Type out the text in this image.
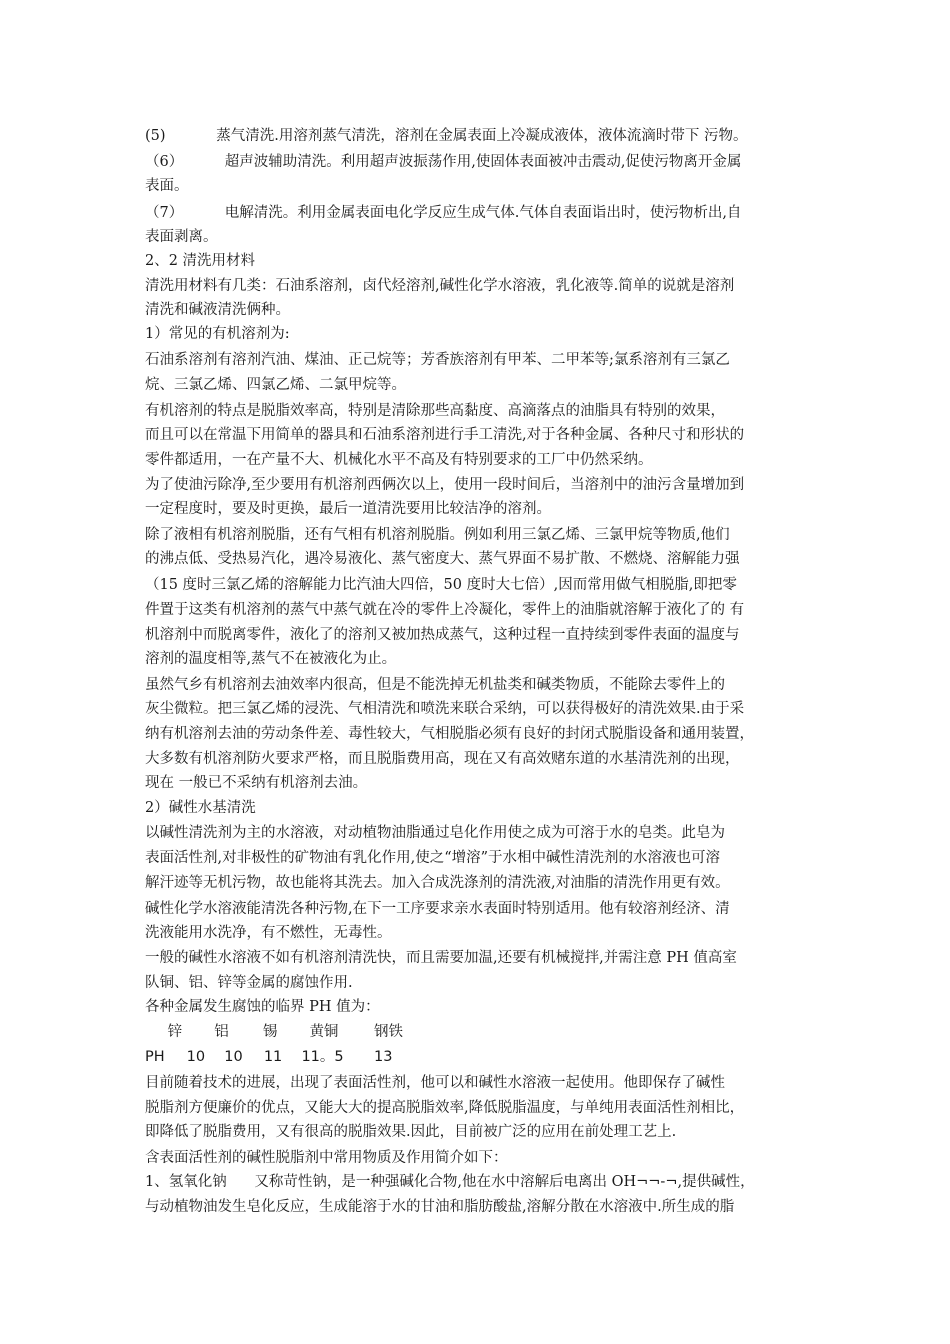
(5)           蒸气清洗.用溶剂蒸气清洗，溶剂在金属表面上冷凝成液体，液体流滴时带下 污物。
（6）         超声波辅助清洗。利用超声波振荡作用,使固体表面被冲击震动,促使污物离开金属
表面。
（7）         电解清洗。利用金属表面电化学反应生成气体.气体自表面诣出时，使污物析出,自
表面剥离。
2、2 清洗用材料
清洗用材料有几类：石油系溶剂，卤代烃溶剂,碱性化学水溶液，乳化液等.简单的说就是溶剂
清洗和碱液清洗俩种。
1）常见的有机溶剂为:
石油系溶剂有溶剂汽油、煤油、正己烷等；芳香族溶剂有甲苯、二甲苯等;氯系溶剂有三氯乙
烷、三氯乙烯、四氯乙烯、二氯甲烷等。
有机溶剂的特点是脱脂效率高，特别是清除那些高黏度、高滴落点的油脂具有特别的效果，
而且可以在常温下用简单的器具和石油系溶剂进行手工清洗,对于各种金属、各种尺寸和形状的
零件都适用，一在产量不大、机械化水平不高及有特别要求的工厂中仍然采纳。
为了使油污除净,至少要用有机溶剂西俩次以上，使用一段时间后，当溶剂中的油污含量增加到
一定程度时，要及时更换，最后一道清洗要用比较洁净的溶剂。
除了液相有机溶剂脱脂，还有气相有机溶剂脱脂。例如利用三氯乙烯、三氯甲烷等物质,他们
的沸点低、受热易汽化，遇冷易液化、蒸气密度大、蒸气界面不易扩散、不燃烧、溶解能力强
（15 度时三氯乙烯的溶解能力比汽油大四倍，50 度时大七倍）,因而常用做气相脱脂,即把零
件置于这类有机溶剂的蒸气中蒸气就在冷的零件上冷凝化，零件上的油脂就溶解于液化了的 有
机溶剂中而脱离零件，液化了的溶剂又被加热成蒸气，这种过程一直持续到零件表面的温度与
溶剂的温度相等,蒸气不在被液化为止。
虽然气乡有机溶剂去油效率内很高，但是不能洗掉无机盐类和碱类物质，不能除去零件上的
灰尘微粒。把三氯乙烯的浸洗、气相清洗和喷洗来联合采纳，可以获得极好的清洗效果.由于采
纳有机溶剂去油的劳动条件差、毒性较大，气相脱脂必须有良好的封闭式脱脂设备和通用装置，
大多数有机溶剂防火要求严格，而且脱脂费用高，现在又有高效赌东道的水基清洗剂的出现，
现在 一般已不采纳有机溶剂去油。
2）碱性水基清洗
以碱性清洗剂为主的水溶液，对动植物油脂通过皂化作用使之成为可溶于水的皂类。此皂为
表面活性剂,对非极性的矿物油有乳化作用,使之“增溶”于水相中碱性清洗剂的水溶液也可溶
解汗迹等无机污物，故也能将其洗去。加入合成洗涤剂的清洗液,对油脂的清洗作用更有效。
碱性化学水溶液能清洗各种污物,在下一工序要求亲水表面时特别适用。他有较溶剂经济、清
洗液能用水洗净，有不燃性，无毒性。
一般的碱性水溶液不如有机溶剂清洗快，而且需要加温,还要有机械搅拌,并需注意 PH 值高室
队铜、铝、锌等金属的腐蚀作用.
各种金属发生腐蚀的临界 PH 值为：
锌 铝 锡 黄铜 钢铁
PH 10 10 11 11。5 13
目前随着技术的进展，出现了表面活性剂，他可以和碱性水溶液一起使用。他即保存了碱性
脱脂剂方便廉价的优点，又能大大的提高脱脂效率,降低脱脂温度，与单纯用表面活性剂相比，
即降低了脱脂费用，又有很高的脱脂效果.因此，目前被广泛的应用在前处理工艺上.
含表面活性剂的碱性脱脂剂中常用物质及作用简介如下：
1、氢氧化钠      又称苛性钠，是一种强碱化合物,他在水中溶解后电离出 OH¬¬-¬,提供碱性，
与动植物油发生皂化反应，生成能溶于水的甘油和脂肪酸盐,溶解分散在水溶液中.所生成的脂
